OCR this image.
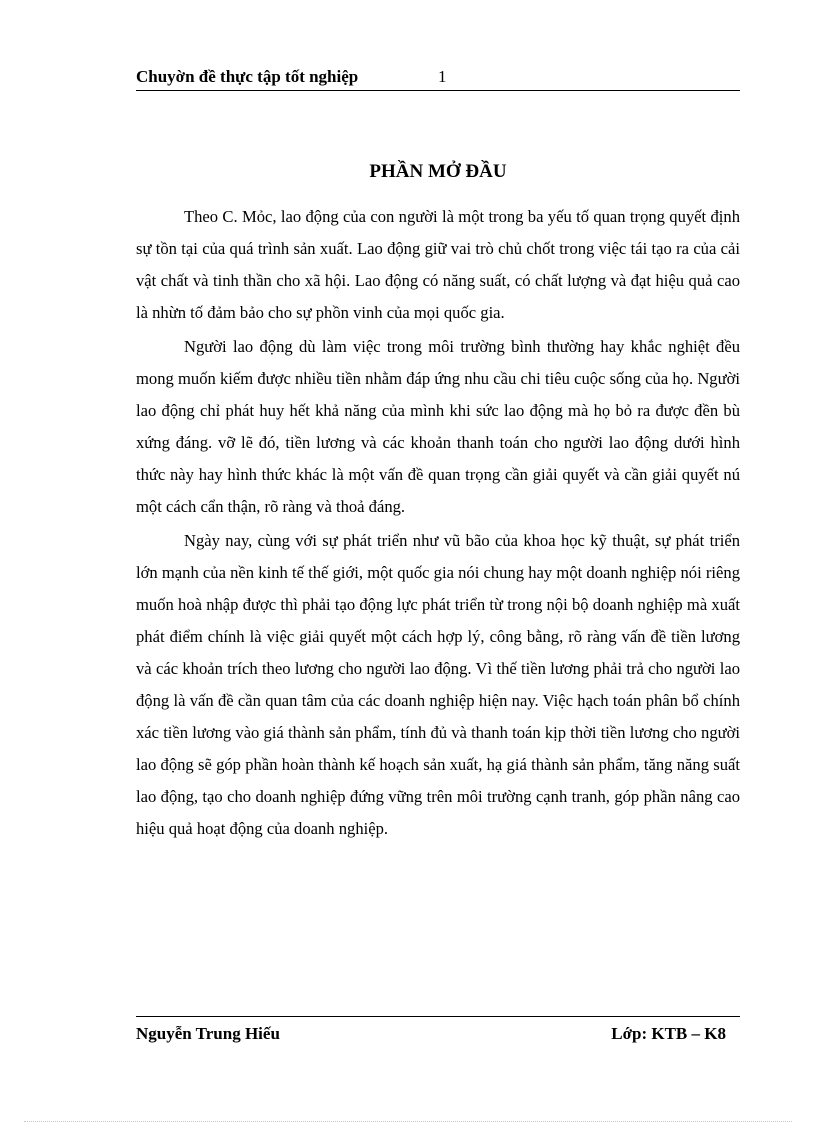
Chuyờn đề thực tập tốt nghiệp	1
PHẦN MỞ ĐẦU

Theo C. Mỏc, lao động của con người là một trong ba yếu tố quan trọng quyết định sự tồn tại của quá trình sản xuất. Lao động giữ vai trò chủ chốt trong việc tái tạo ra của cải vật chất và tinh thần cho xã hội. Lao động có năng suất, có chất lượng và đạt hiệu quả cao là nhừn tố đảm bảo cho sự phồn vinh của mọi quốc gia.

Người lao động dù làm việc trong môi trường bình thường hay khắc nghiệt đều mong muốn kiếm được nhiều tiền nhằm đáp ứng nhu cầu chi tiêu cuộc sống của họ. Người lao động chỉ phát huy hết khả năng của mình khi sức lao động mà họ bỏ ra được đền bù xứng đáng. vỡ lẽ đó, tiền lương và các khoản thanh toán cho người lao động dưới hình thức này hay hình thức khác là một vấn đề quan trọng cần giải quyết và cần giải quyết nú một cách cẩn thận, rõ ràng và thoả đáng.

Ngày nay, cùng với sự phát triển như vũ bão của khoa học kỹ thuật, sự phát triển lớn mạnh của nền kinh tế thế giới, một quốc gia nói chung hay một doanh nghiệp nói riêng muốn hoà nhập được thì phải tạo động lực phát triển từ trong nội bộ doanh nghiệp mà xuất phát điểm chính là việc giải quyết một cách hợp lý, công bằng, rõ ràng vấn đề tiền lương và các khoản trích theo lương cho người lao động. Vì thế tiền lương phải trả cho người lao động là vấn đề cần quan tâm của các doanh nghiệp hiện nay. Việc hạch toán phân bổ chính xác tiền lương vào giá thành sản phẩm, tính đủ và thanh toán kịp thời tiền lương cho người lao động sẽ góp phần hoàn thành kế hoạch sản xuất, hạ giá thành sản phẩm, tăng năng suất lao động, tạo cho doanh nghiệp đứng vững trên môi trường cạnh tranh, góp phần nâng cao hiệu quả hoạt động của doanh nghiệp.

Nguyễn Trung Hiếu	Lớp: KTB – K8
